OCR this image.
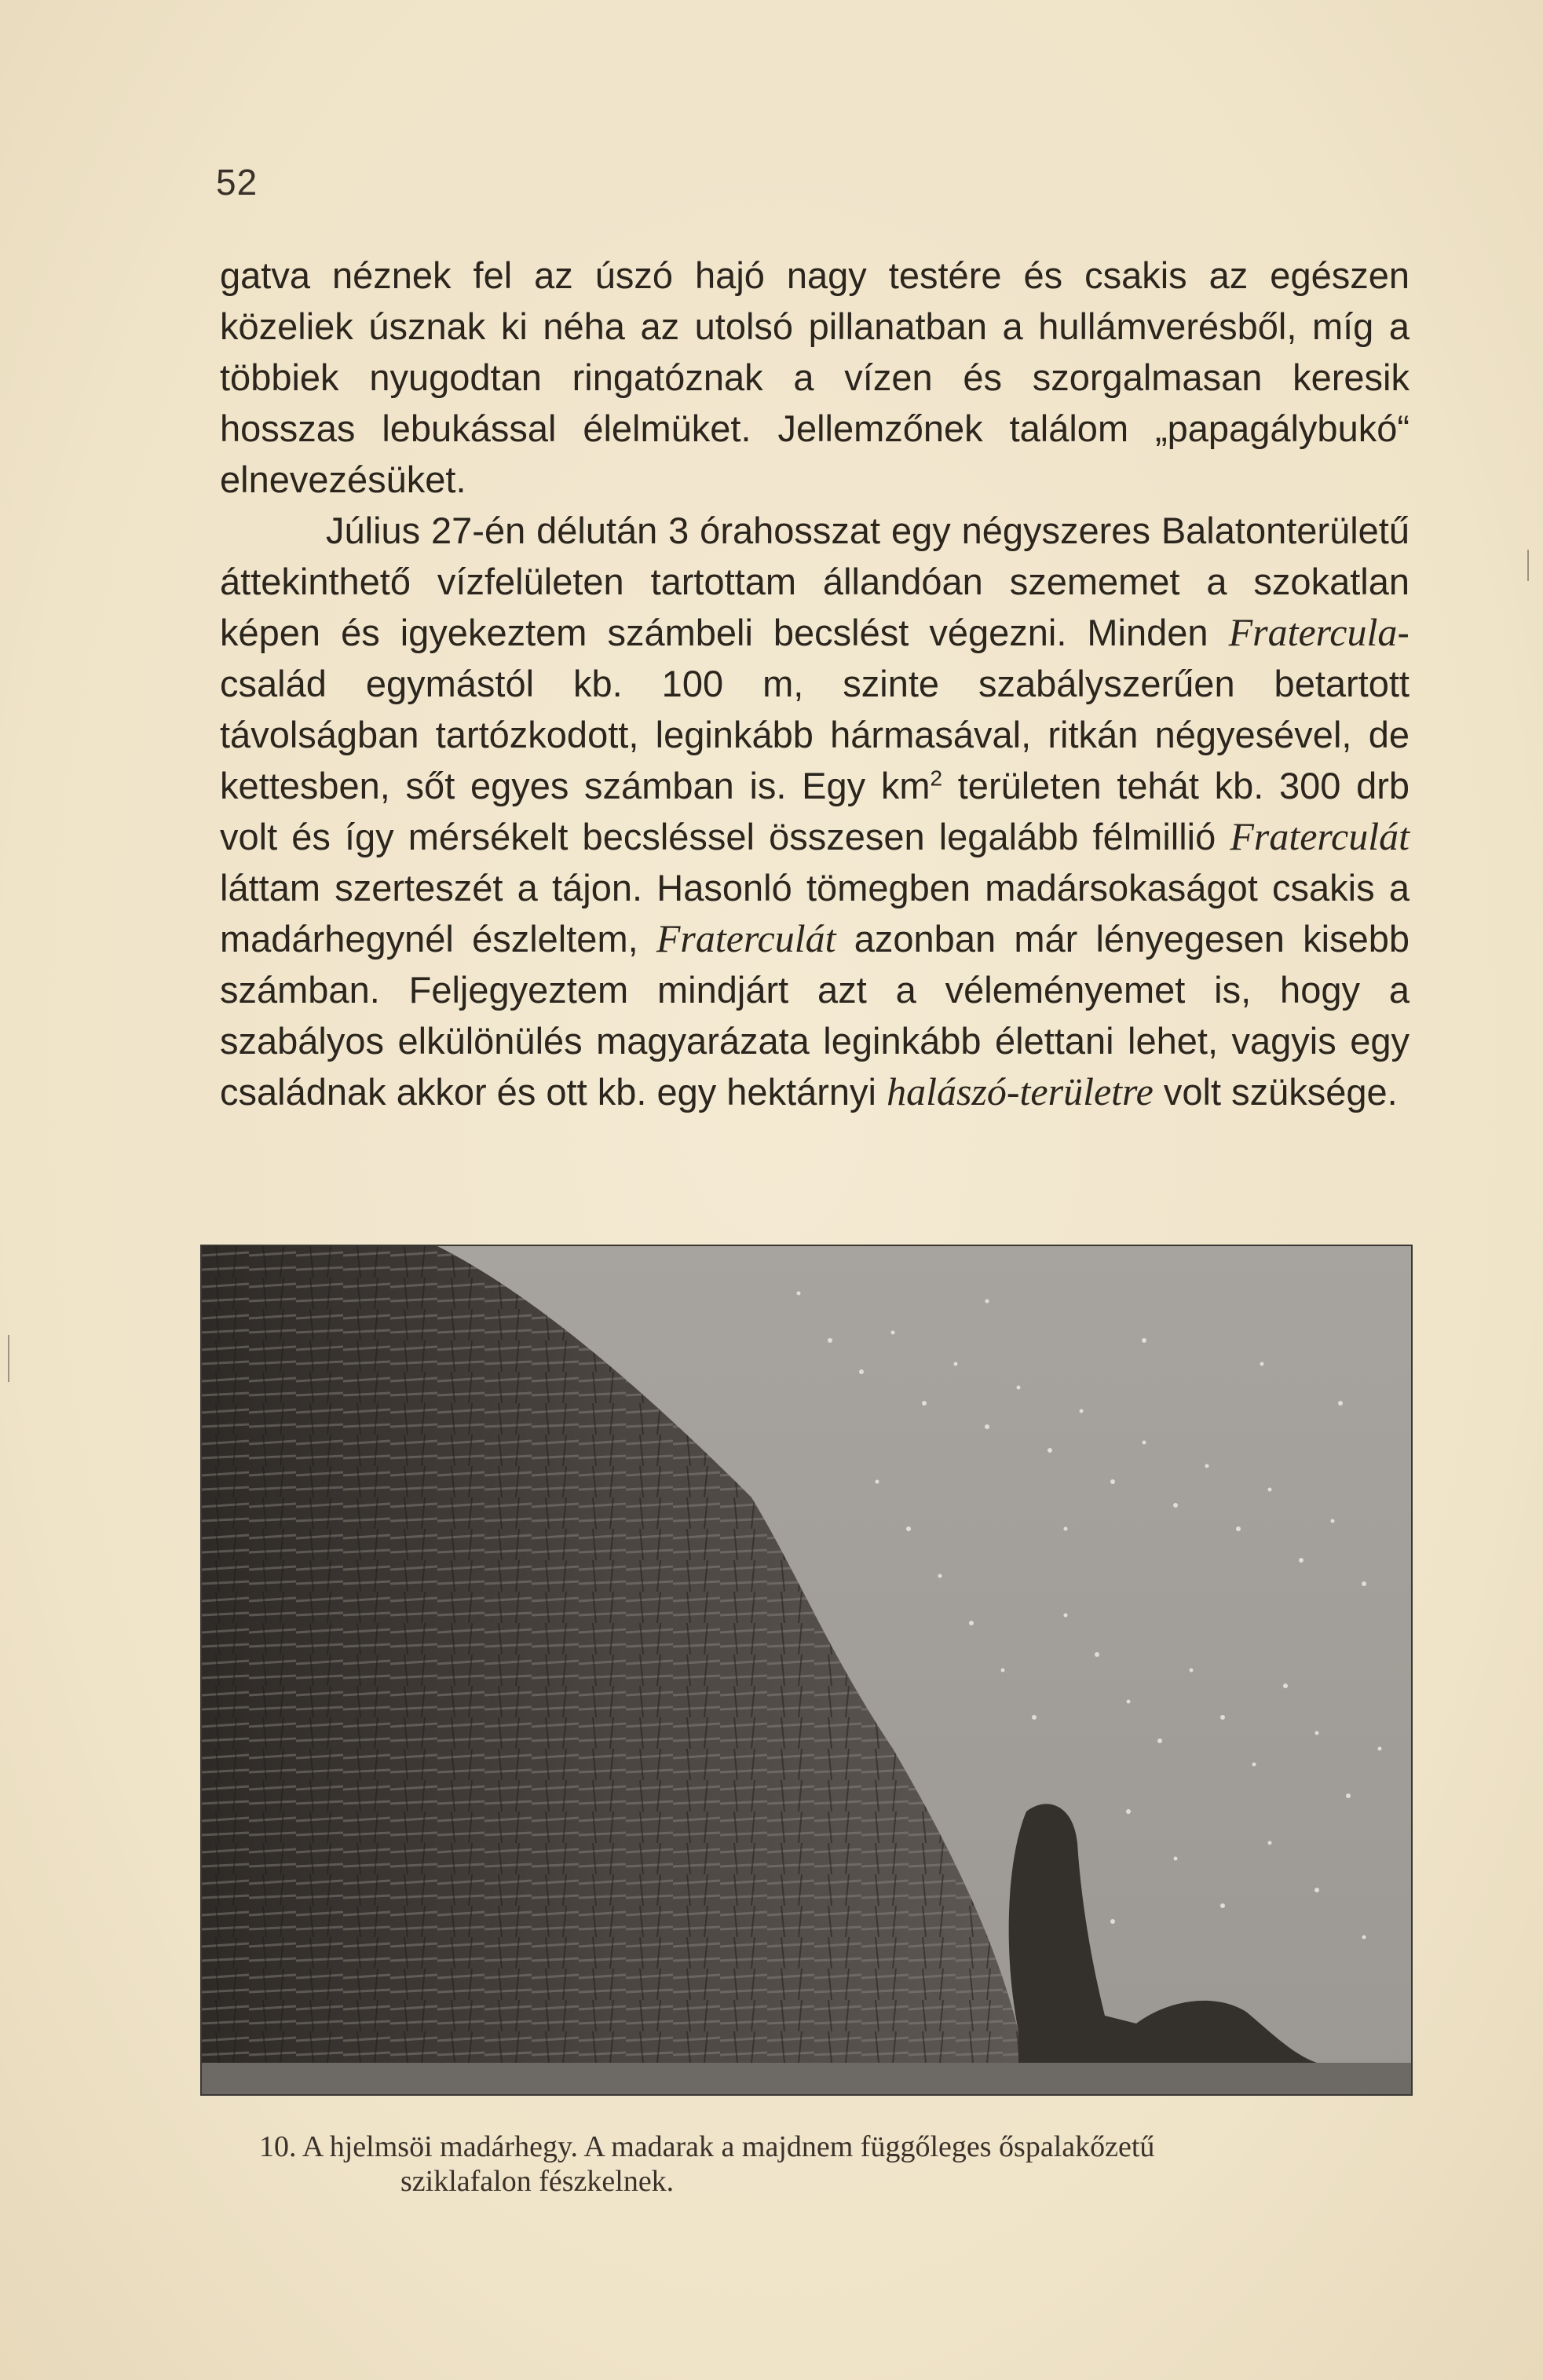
52

gatva néznek fel az úszó hajó nagy testére és csakis az egészen közeliek úsznak ki néha az utolsó pillanatban a hullámverésből, míg a többiek nyugodtan ringatóznak a vízen és szorgalmasan keresik hosszas lebukással élelmüket. Jellemzőnek találom „papagálybukó“ elnevezésüket.

Július 27-én délután 3 órahosszat egy négyszeres Balatonterületű áttekinthető vízfelületen tartottam állandóan szememet a szokatlan képen és igyekeztem számbeli becslést végezni. Minden Fratercula-család egymástól kb. 100 m, szinte szabályszerűen betartott távolságban tartózkodott, leginkább hármasával, ritkán négyesével, de kettesben, sőt egyes számban is. Egy $km^2$ területen tehát kb. 300 drb volt és így mérsékelt becsléssel összesen legalább félmillió Fraterculát láttam szerteszét a tájon. Hasonló tömegben madársokaságot csakis a madárhegynél észleltem, Fraterculát azonban már lényegesen kisebb számban. Feljegyeztem mindjárt azt a véleményemet is, hogy a szabályos elkülönülés magyarázata leginkább élettani lehet, vagyis egy családnak akkor és ott kb. egy hektárnyi halászó-területre volt szüksége.

10. A hjelmsöi madárhegy. A madarak a majdnem függőleges őspalakőzetű
sziklafalon fészkelnek.
